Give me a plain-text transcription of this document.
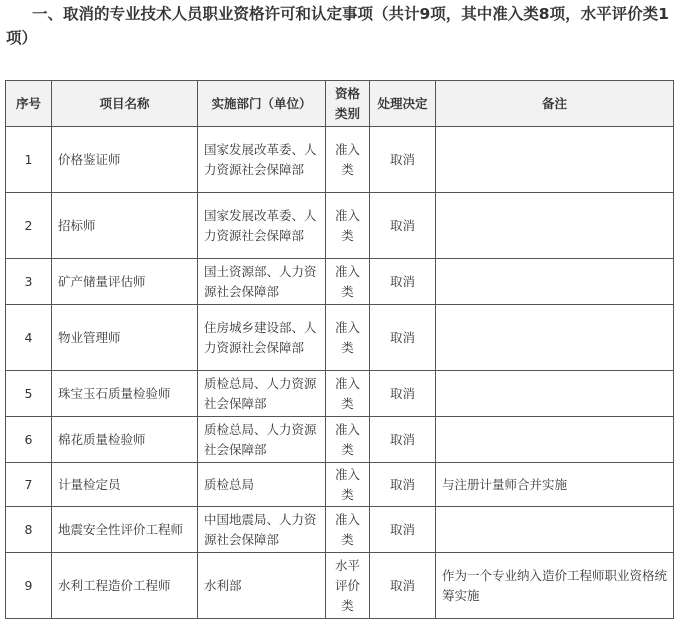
一、取消的专业技术人员职业资格许可和认定事项（共计9项，其中准入类8项，水平评价类1项）
序号	项目名称	实施部门（单位）	资格类别	处理决定	备注
1	价格鉴证师	国家发展改革委、人力资源社会保障部	准入类	取消	
2	招标师	国家发展改革委、人力资源社会保障部	准入类	取消	
3	矿产储量评估师	国土资源部、人力资源社会保障部	准入类	取消	
4	物业管理师	住房城乡建设部、人力资源社会保障部	准入类	取消	
5	珠宝玉石质量检验师	质检总局、人力资源社会保障部	准入类	取消	
6	棉花质量检验师	质检总局、人力资源社会保障部	准入类	取消	
7	计量检定员	质检总局	准入类	取消	与注册计量师合并实施
8	地震安全性评价工程师	中国地震局、人力资源社会保障部	准入类	取消	
9	水利工程造价工程师	水利部	水平评价类	取消	作为一个专业纳入造价工程师职业资格统筹实施
